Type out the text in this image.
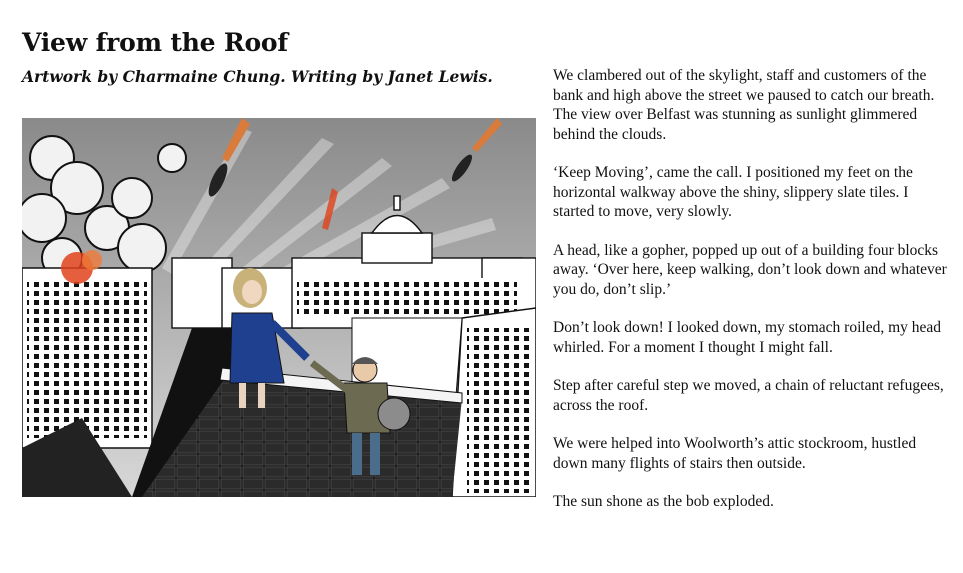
View from the Roof
Artwork by Charmaine Chung. Writing by Janet Lewis.	We clambered out of the skylight, staff and customers of the bank and high above the street we paused to catch our breath. The view over Belfast was stunning as sunlight glimmered behind the clouds.

‘Keep Moving’, came the call. I positioned my feet on the horizontal walkway above the shiny, slippery slate tiles. I started to move, very slowly.

A head, like a gopher, popped up out of a building four blocks away. ‘Over here, keep walking, don’t look down and whatever you do, don’t slip.’

Don’t look down! I looked down, my stomach roiled, my head whirled. For a moment I thought I might fall.

Step after careful step we moved, a chain of reluctant refugees, across the roof.

We were helped into Woolworth’s attic stockroom, hustled down many flights of stairs then outside.

The sun shone as the bob exploded.
